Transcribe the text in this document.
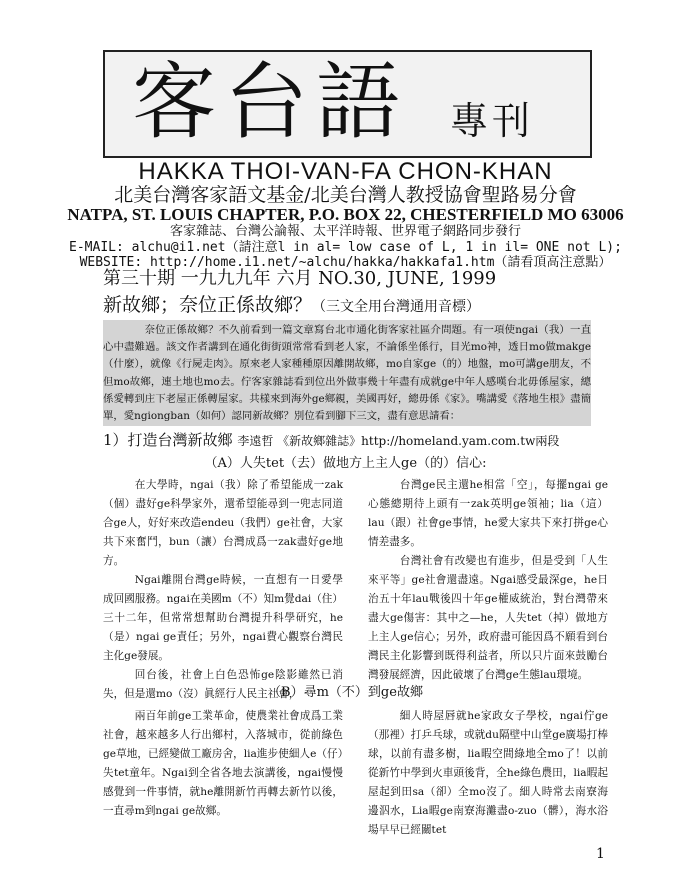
客台語 專刊
HAKKA THOI-VAN-FA CHON-KHAN
北美台灣客家語文基金/北美台灣人教授協會聖路易分會
NATPA, ST. LOUIS CHAPTER, P.O. BOX 22, CHESTERFIELD MO 63006
客家雜誌、台灣公論報、太平洋時報、世界電子網路同步發行
E-MAIL: alchu@i1.net（請注意l in al= low case of L, 1 in il= ONE not L);
WEBSITE: http://home.i1.net/~alchu/hakka/hakkafa1.htm（請看頂高注意點）
第三十期 一九九九年 六月 NO.30, JUNE, 1999
新故鄉；奈位正係故鄉？（三文全用台灣通用音標）

奈位正係故鄉？不久前看到一篇文章寫台北市通化街客家社區介問題。有一項使ngai（我）一直心中盡難過。該文作者講到在通化街街頭常常看到老人家，不論係坐係行，目光mo神，透日mo做makge（什麼），就像《行屍走肉》。原來老人家種種原因離開故鄉，mo自家ge（的）地盤，mo可講ge朋友，不但mo故鄉，連土地也mo去。佇客家雜誌看到位出外做事幾十年盡有成就ge中年人感嘆台北毋係屋家，總係愛轉到庄下老屋正係轉屋家。共樣來到海外ge鄉親，美國再好，總毋係《家》。嘴講愛《落地生根》盡簡單，愛ngiongban（如何）認同新故鄉？別位看到腳下三文，盡有意思請看：

1）打造台灣新故鄉 李遠哲 《新故鄉雜誌》http://homeland.yam.com.tw兩段
（A）人失tet（去）做地方上主人ge（的）信心:

在大學時，ngai（我）除了希望能成一zak（個）盡好ge科學家外，還希望能尋到一兜志同道合ge人，好好來改造endeu（我們）ge社會，大家共下來奮鬥，bun（讓）台灣成爲一zak盡好ge地方。

Ngai離開台灣ge時候，一直想有一日愛學成回國服務。ngai在美國m（不）知m覺dai（住）三十二年，但常常想幫助台灣提升科學研究，he（是）ngai ge責任；另外，ngai費心觀察台灣民主化ge發展。

回台後，社會上白色恐怖ge陰影雖然已消失，但是還mo（沒）眞經行人民主社會，

台灣ge民主還he相當「空」，每擺ngai ge心態總期待上頭有一zak英明ge領袖；lia（這）lau（跟）社會ge事情，he愛大家共下來打拼ge心情差盡多。

台灣社會有改變也有進步，但是受到「人生來平等」ge社會還盡遠。Ngai感受最深ge，he日治五十年lau戰後四十年ge權威統治，對台灣帶來盡大ge傷害：其中之—he，人失tet（掉）做地方上主人ge信心；另外，政府盡可能因爲不願看到台灣民主化影響到既得利益者，所以只片面來鼓勵台灣發展經濟，因此破壞了台灣ge生態lau環境。

（B）尋m（不）到ge故鄉

兩百年前ge工業革命，使農業社會成爲工業社會，越來越多人行出鄉村，入落城市，從前綠色ge草地，已經變做工廠房舍，lia進步使細人e（仔）失tet童年。Ngai到全省各地去演講後，ngai慢慢感覺到一件事情，就he離開新竹再轉去新竹以後，一直尋m到ngai ge故鄉。

細人時屋唇就he家政女子學校，ngai佇ge（那裡）打乒乓球，或就du隔壁中山堂ge廣場打棒球，以前有盡多樹，lia暇空間綠地全mo了！以前從新竹中學到火車頭後背，全he綠色農田，lia暇起屋起到田sa（卻）全mo沒了。細人時常去南寮海邊泅水，Lia暇ge南寮海灘盡o-zuo（髒），海水浴場早早已經關tet

1
